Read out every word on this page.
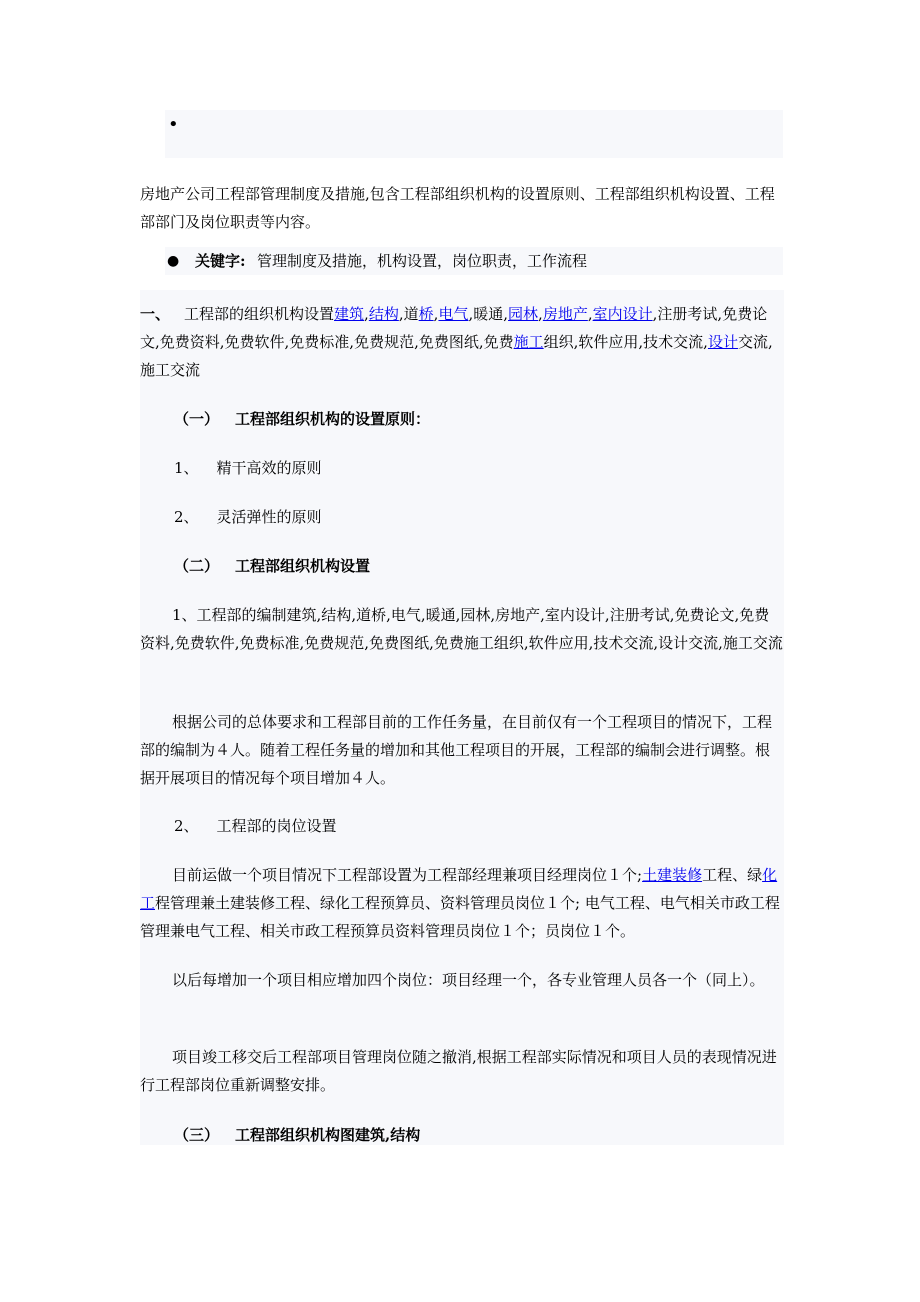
•
房地产公司工程部管理制度及措施,包含工程部组织机构的设置原则、工程部组织机构设置、工程部部门及岗位职责等内容。
● 关键字: 管理制度及措施，机构设置，岗位职责，工作流程
一、 工程部的组织机构设置建筑,结构,道桥,电气,暖通,园林,房地产,室内设计,注册考试,免费论文,免费资料,免费软件,免费标准,免费规范,免费图纸,免费施工组织,软件应用,技术交流,设计交流,施工交流
（一） 工程部组织机构的设置原则：
1、 精干高效的原则
2、 灵活弹性的原则
（二） 工程部组织机构设置
1、工程部的编制建筑,结构,道桥,电气,暖通,园林,房地产,室内设计,注册考试,免费论文,免费资料,免费软件,免费标准,免费规范,免费图纸,免费施工组织,软件应用,技术交流,设计交流,施工交流
根据公司的总体要求和工程部目前的工作任务量，在目前仅有一个工程项目的情况下，工程部的编制为４人。随着工程任务量的增加和其他工程项目的开展，工程部的编制会进行调整。根据开展项目的情况每个项目增加４人。
2、 工程部的岗位设置
目前运做一个项目情况下工程部设置为工程部经理兼项目经理岗位１个;土建装修工程、绿化工程管理兼土建装修工程、绿化工程预算员、资料管理员岗位１个; 电气工程、电气相关市政工程管理兼电气工程、相关市政工程预算员资料管理员岗位１个；员岗位１个。
以后每增加一个项目相应增加四个岗位：项目经理一个，各专业管理人员各一个（同上）。
项目竣工移交后工程部项目管理岗位随之撤消,根据工程部实际情况和项目人员的表现情况进行工程部岗位重新调整安排。
（三） 工程部组织机构图建筑,结构
